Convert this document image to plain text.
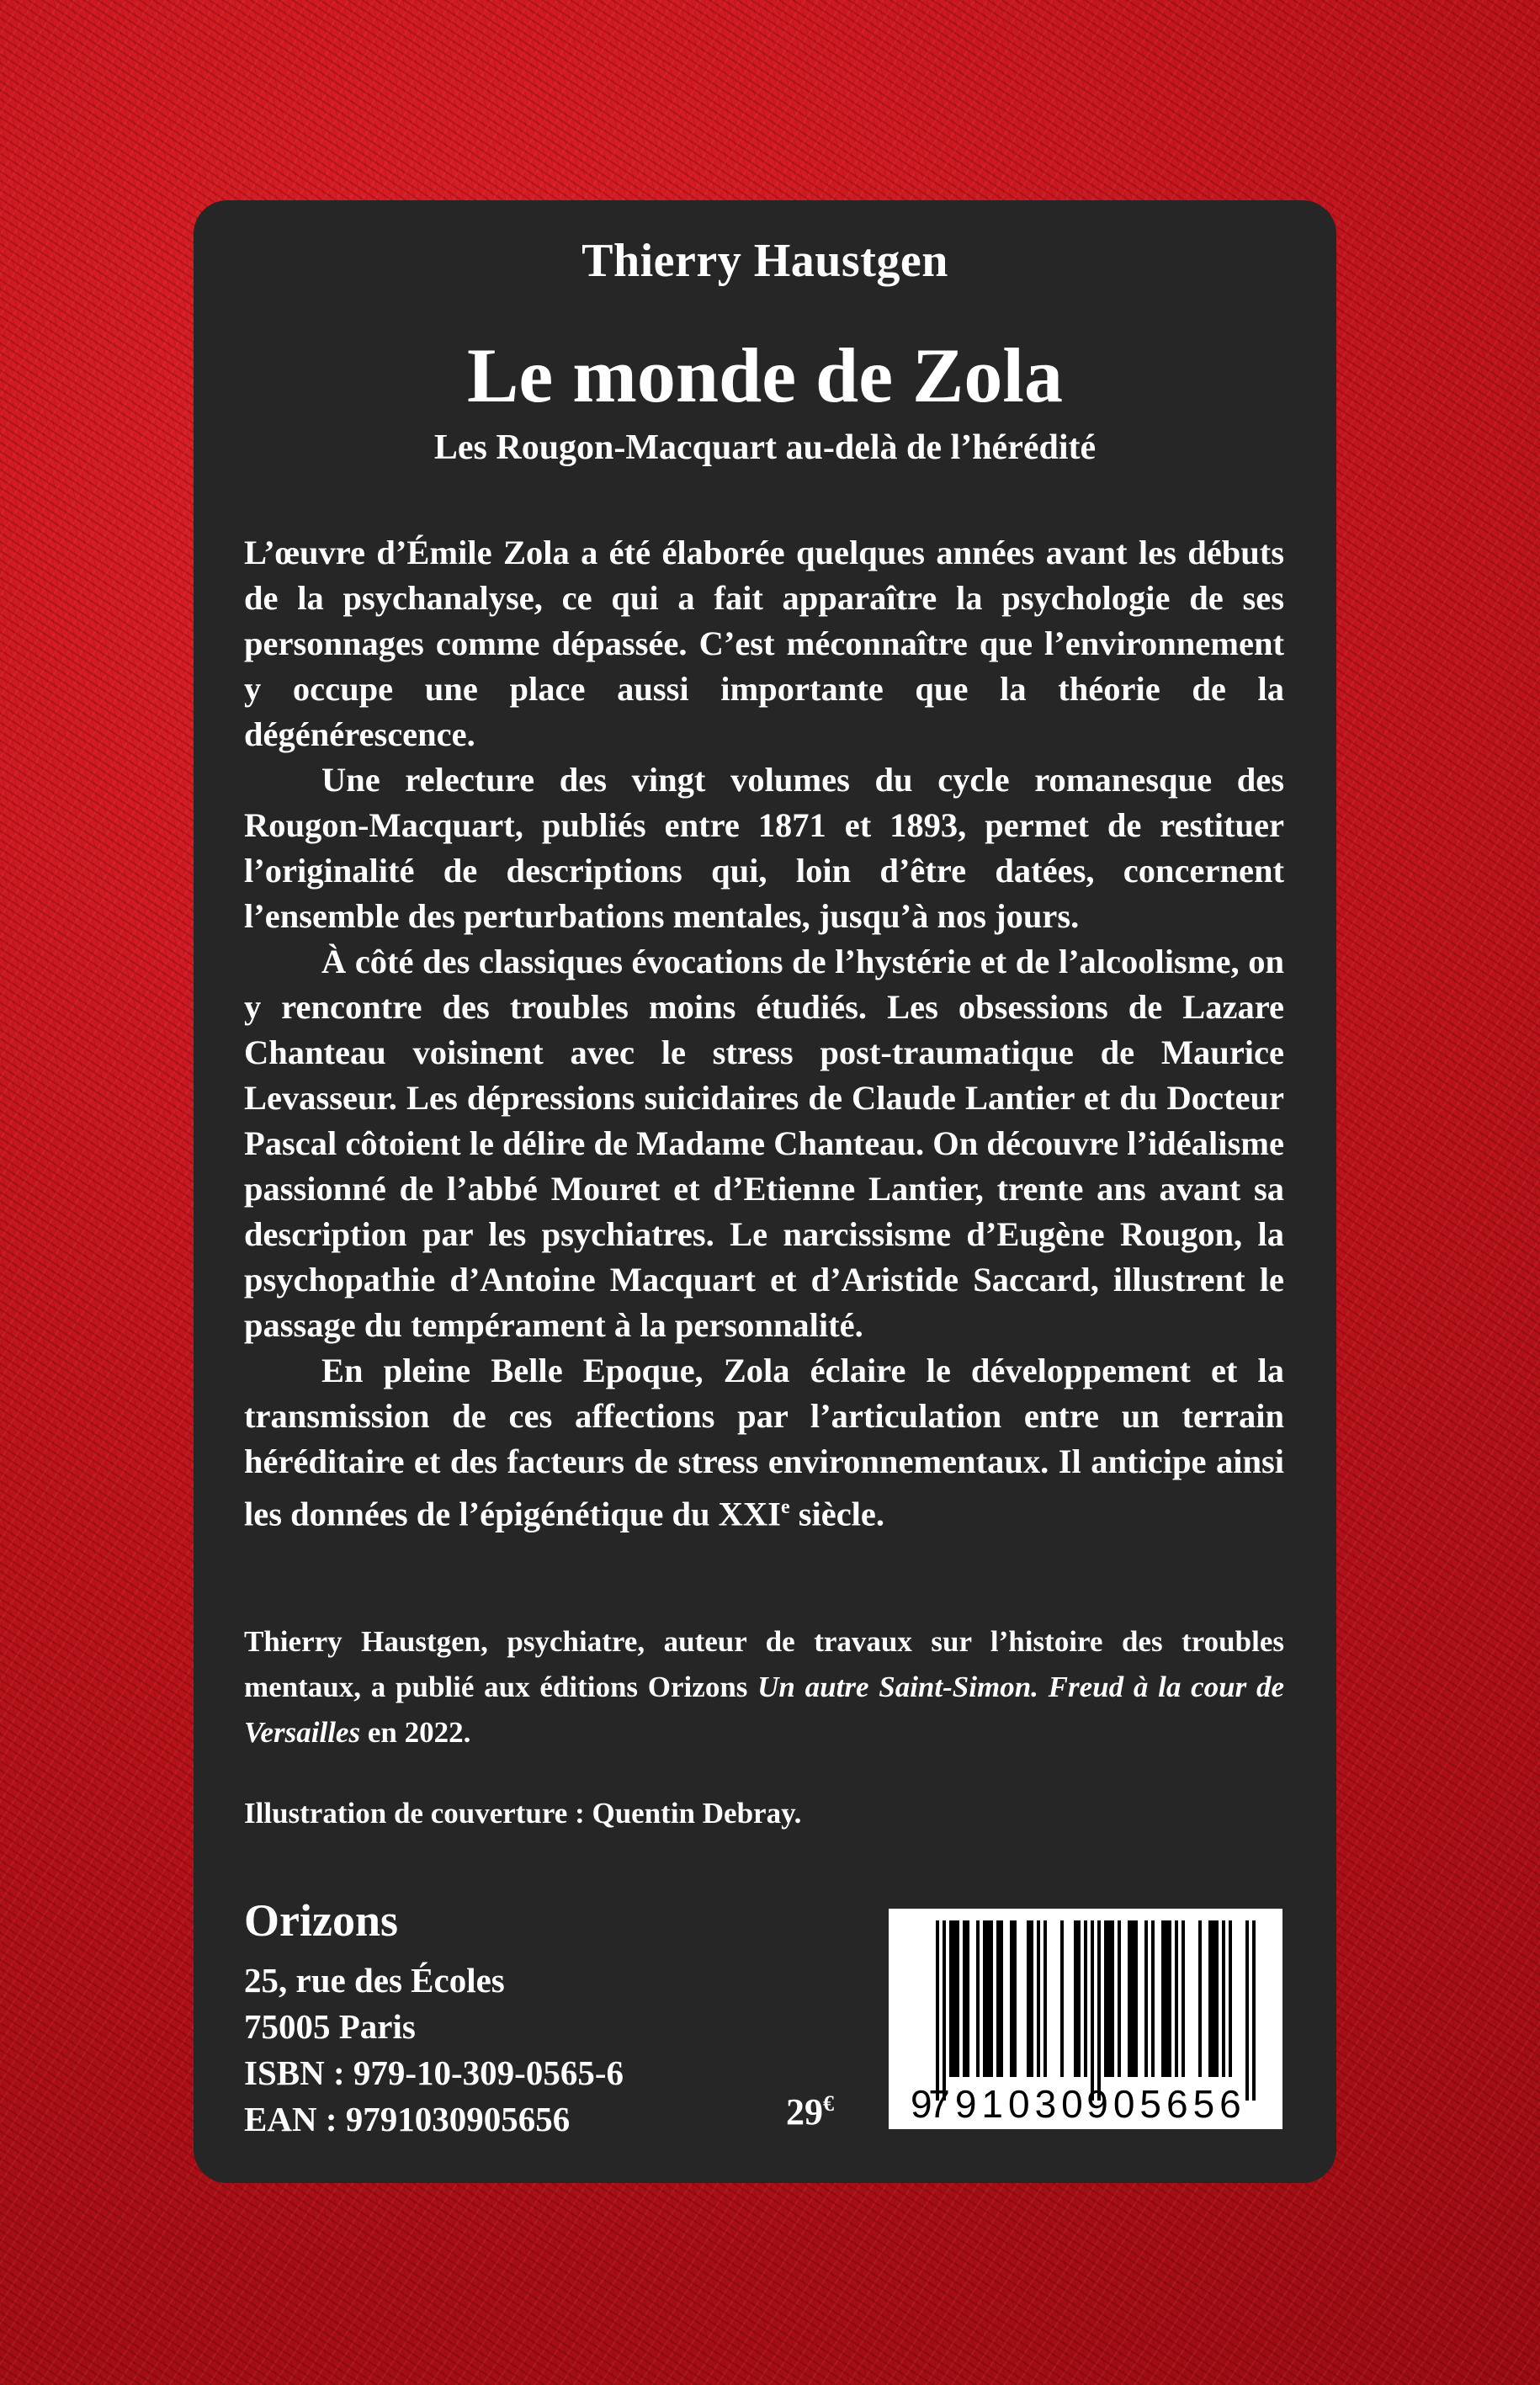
Thierry Haustgen
Le monde de Zola
Les Rougon-Macquart au-delà de l’hérédité

L’œuvre d’Émile Zola a été élaborée quelques années avant les débuts de la psychanalyse, ce qui a fait apparaître la psychologie de ses personnages comme dépassée. C’est méconnaître que l’environnement y occupe une place aussi importante que la théorie de la dégénérescence.

Une relecture des vingt volumes du cycle romanesque des Rougon-Macquart, publiés entre 1871 et 1893, permet de restituer l’originalité de descriptions qui, loin d’être datées, concernent l’ensemble des perturbations mentales, jusqu’à nos jours.

À côté des classiques évocations de l’hystérie et de l’alcoolisme, on y rencontre des troubles moins étudiés. Les obsessions de Lazare Chanteau voisinent avec le stress post-traumatique de Maurice Levasseur. Les dépressions suicidaires de Claude Lantier et du Docteur Pascal côtoient le délire de Madame Chanteau. On découvre l’idéalisme passionné de l’abbé Mouret et d’Etienne Lantier, trente ans avant sa description par les psychiatres. Le narcissisme d’Eugène Rougon, la psychopathie d’Antoine Macquart et d’Aristide Saccard, illustrent le passage du tempérament à la personnalité.

En pleine Belle Epoque, Zola éclaire le développement et la transmission de ces affections par l’articulation entre un terrain héréditaire et des facteurs de stress environnementaux. Il anticipe ainsi les données de l’épigénétique du XXIe siècle.

Thierry Haustgen, psychiatre, auteur de travaux sur l’histoire des troubles mentaux, a publié aux éditions Orizons Un autre Saint-Simon. Freud à la cour de Versailles en 2022.

Illustration de couverture : Quentin Debray.

Orizons

25, rue des Écoles

75005 Paris

ISBN : 979-10-309-0565-6

EAN : 9791030905656	29€ 9
791030
905656
